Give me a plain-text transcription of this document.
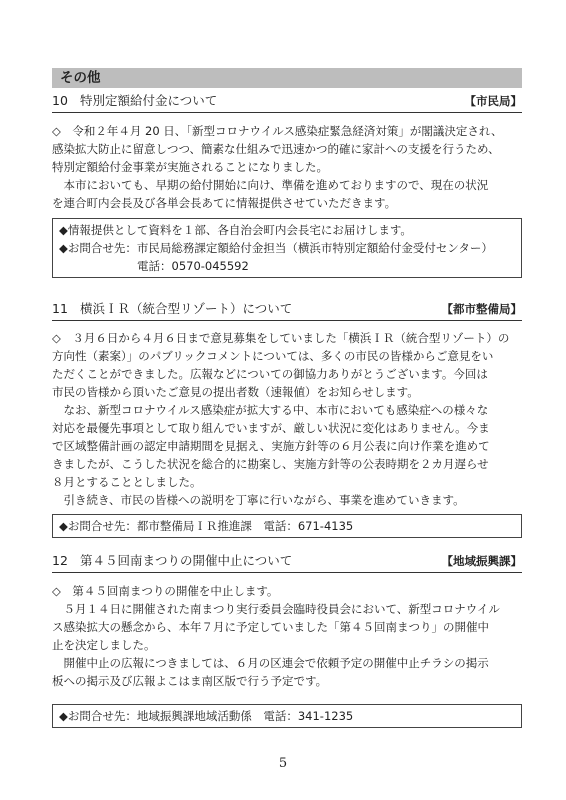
その他
10 特別定額給付金について	【市民局】

◇　令和２年４月 20 日、「新型コロナウイルス感染症緊急経済対策」が閣議決定され、
感染拡大防止に留意しつつ、簡素な仕組みで迅速かつ的確に家計への支援を行うため、
特別定額給付金事業が実施されることになりました。
　本市においても、早期の給付開始に向け、準備を進めておりますので、現在の状況
を連合町内会長及び各単会長あてに情報提供させていただきます。

◆情報提供として資料を１部、各自治会町内会長宅にお届けします。
◆お問合せ先：市民局総務課定額給付金担当（横浜市特別定額給付金受付センター）
電話：0570-045592
11 横浜ＩＲ（統合型リゾート）について	【都市整備局】

◇　３月６日から４月６日まで意見募集をしていました「横浜ＩＲ（統合型リゾート）の
方向性（素案）」のパブリックコメントについては、多くの市民の皆様からご意見をい
ただくことができました。広報などについての御協力ありがとうございます。今回は
市民の皆様から頂いたご意見の提出者数（速報値）をお知らせします。
　なお、新型コロナウイルス感染症が拡大する中、本市においても感染症への様々な
対応を最優先事項として取り組んでいますが、厳しい状況に変化はありません。今ま
で区域整備計画の認定申請期間を見据え、実施方針等の６月公表に向け作業を進めて
きましたが、こうした状況を総合的に勘案し、実施方針等の公表時期を２カ月遅らせ
８月とすることとしました。
　引き続き、市民の皆様への説明を丁寧に行いながら、事業を進めていきます。

◆お問合せ先：都市整備局ＩＲ推進課　電話：671-4135
12 第４５回南まつりの開催中止について	【地域振興課】

◇　第４５回南まつりの開催を中止します。
　５月１４日に開催された南まつり実行委員会臨時役員会において、新型コロナウイル
ス感染拡大の懸念から、本年７月に予定していました「第４５回南まつり」の開催中
止を決定しました。
　開催中止の広報につきましては、６月の区連会で依頼予定の開催中止チラシの掲示
板への掲示及び広報よこはま南区版で行う予定です。

◆お問合せ先：地域振興課地域活動係　電話：341-1235
5
